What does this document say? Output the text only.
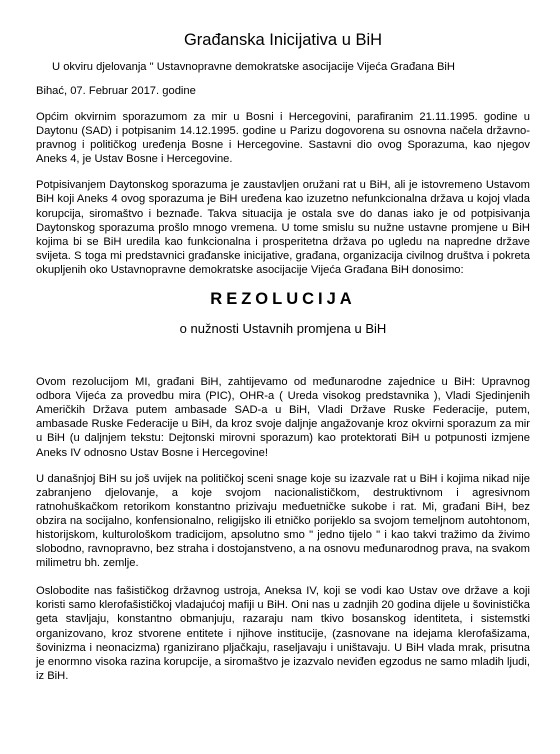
Građanska Inicijativa u BiH
U okviru djelovanja " Ustavnopravne demokratske asocijacije Vijeća Građana BiH
Bihać, 07. Februar 2017. godine

Općim okvirnim sporazumom za mir u Bosni i Hercegovini, parafiranim 21.11.1995. godine u Daytonu (SAD) i potpisanim 14.12.1995. godine u Parizu dogovorena su osnovna načela državno-pravnog i političkog uređenja Bosne i Hercegovine. Sastavni dio ovog Sporazuma, kao njegov Aneks 4, je Ustav Bosne i Hercegovine.

Potpisivanjem Daytonskog sporazuma je zaustavljen oružani rat u BiH, ali je istovremeno Ustavom BiH koji Aneks 4 ovog sporazuma je BiH uređena kao izuzetno nefunkcionalna država u kojoj vlada korupcija, siromaštvo i beznađe. Takva situacija je ostala sve do danas iako je od potpisivanja Daytonskog sporazuma prošlo mnogo vremena. U tome smislu su nužne ustavne promjene u BiH kojima bi se BiH uredila kao funkcionalna i prosperitetna država po ugledu na napredne države svijeta. S toga mi predstavnici građanske inicijative, građana, organizacija civilnog društva i pokreta okupljenih oko Ustavnopravne demokratske asocijacije Vijeća Građana BiH donosimo:

REZOLUCIJA
o nužnosti Ustavnih promjena u BiH

Ovom rezolucijom MI, građani BiH, zahtijevamo od međunarodne zajednice u BiH: Upravnog odbora Vijeća za provedbu mira (PIC), OHR-a ( Ureda visokog predstavnika ), Vladi Sjedinjenih Američkih Država putem ambasade SAD-a u BiH, Vladi Države Ruske Federacije, putem, ambasade Ruske Federacije u BiH, da kroz svoje daljnje angažovanje kroz okvirni sporazum za mir u BiH (u daljnjem tekstu: Dejtonski mirovni sporazum) kao protektorati BiH u potpunosti izmjene Aneks IV odnosno Ustav Bosne i Hercegovine!

U današnjoj BiH su još uvijek na političkoj sceni snage koje su izazvale rat u BiH i kojima nikad nije zabranjeno djelovanje, a koje svojom nacionalističkom, destruktivnom i agresivnom ratnohuškačkom retorikom konstantno prizivaju međuetničke sukobe i rat. Mi, građani BiH, bez obzira na socijalno, konfensionalno, religijsko ili etničko porijeklo sa svojom temeljnom autohtonom, historijskom, kulturološkom tradicijom, apsolutno smo " jedno tijelo " i kao takvi tražimo da živimo slobodno, ravnopravno, bez straha i dostojanstveno, a na osnovu međunarodnog prava, na svakom milimetru bh. zemlje.

Oslobodite nas fašističkog državnog ustroja, Aneksa IV, koji se vodi kao Ustav ove države a koji koristi samo klerofašističkoj vladajućoj mafiji u BiH. Oni nas u zadnjih 20 godina dijele u šovinistička geta stavljaju, konstantno obmanjuju, razaraju nam tkivo bosanskog identiteta, i sistemstki organizovano, kroz stvorene entitete i njihove institucije, (zasnovane na idejama klerofašizama, šovinizma i neonacizma) rganizirano pljačkaju, raseljavaju i uništavaju. U BiH vlada mrak, prisutna je enormno visoka razina korupcije, a siromaštvo je izazvalo neviđen egzodus ne samo mladih ljudi, iz BiH.
